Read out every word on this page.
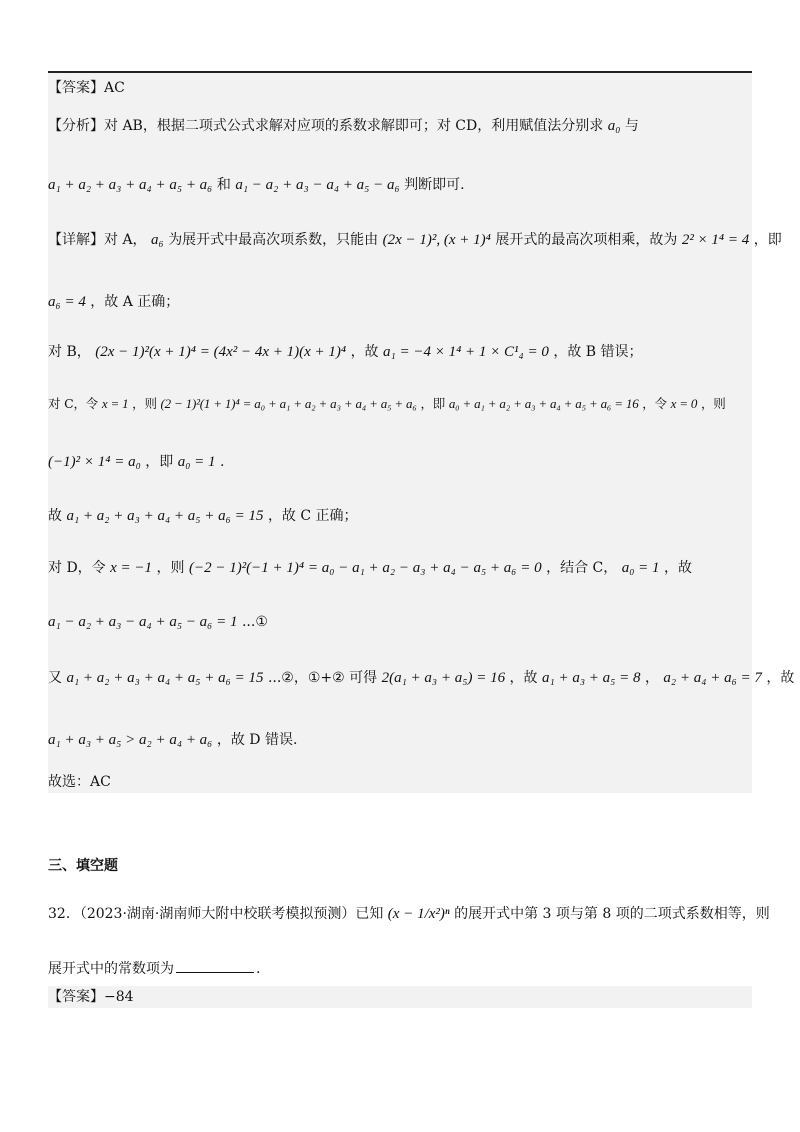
【答案】AC
【分析】对 AB，根据二项式公式求解对应项的系数求解即可；对 CD，利用赋值法分别求 a₀ 与
a₁ + a₂ + a₃ + a₄ + a₅ + a₆ 和 a₁ − a₂ + a₃ − a₄ + a₅ − a₆ 判断即可.
【详解】对 A， a₆ 为展开式中最高次项系数，只能由 (2x − 1)², (x + 1)⁴ 展开式的最高次项相乘，故为 2² × 1⁴ = 4 ，即
a₆ = 4 ，故 A 正确；
对 B， (2x − 1)²(x + 1)⁴ = (4x² − 4x + 1)(x + 1)⁴ ，故 a₁ = −4 × 1⁴ + 1 × C¹₄ = 0 ，故 B 错误；
对 C，令 x = 1 ，则 (2 − 1)²(1 + 1)⁴ = a₀ + a₁ + a₂ + a₃ + a₄ + a₅ + a₆ ，即 a₀ + a₁ + a₂ + a₃ + a₄ + a₅ + a₆ = 16 ，令 x = 0 ，则
(−1)² × 1⁴ = a₀ ，即 a₀ = 1 .
故 a₁ + a₂ + a₃ + a₄ + a₅ + a₆ = 15 ，故 C 正确；
对 D，令 x = −1 ，则 (−2 − 1)²(−1 + 1)⁴ = a₀ − a₁ + a₂ − a₃ + a₄ − a₅ + a₆ = 0 ，结合 C， a₀ = 1 ，故
a₁ − a₂ + a₃ − a₄ + a₅ − a₆ = 1 ...①
又 a₁ + a₂ + a₃ + a₄ + a₅ + a₆ = 15 ...②，①+② 可得 2(a₁ + a₃ + a₅) = 16 ，故 a₁ + a₃ + a₅ = 8 ， a₂ + a₄ + a₆ = 7 ，故
a₁ + a₃ + a₅ > a₂ + a₄ + a₆ ，故 D 错误.
故选：AC
三、填空题
32．（2023·湖南·湖南师大附中校联考模拟预测）已知 (x − 1/x²)ⁿ 的展开式中第 3 项与第 8 项的二项式系数相等，则
展开式中的常数项为	.
【答案】−84
